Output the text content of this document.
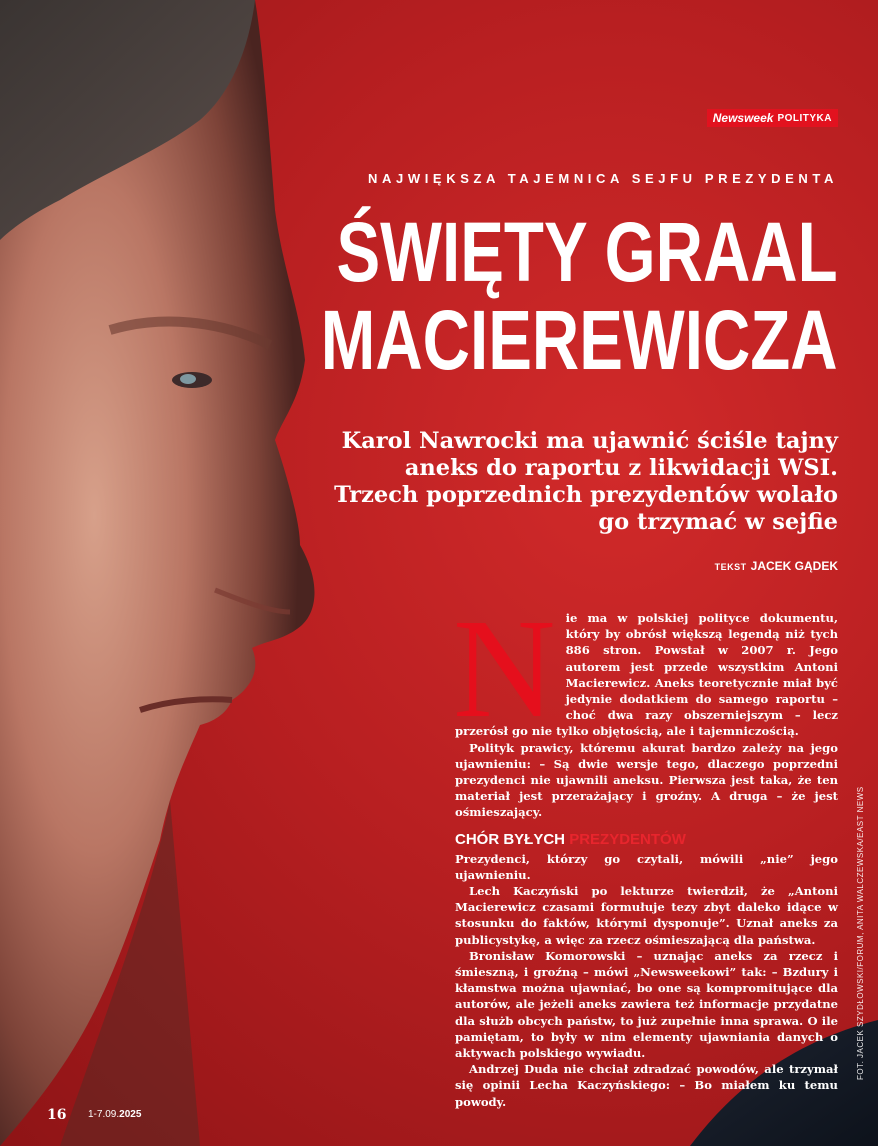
Newsweek POLITYKA
NAJWIĘKSZA TAJEMNICA SEJFU PREZYDENTA
ŚWIĘTY GRAAL
MACIEREWICZA
Karol Nawrocki ma ujawnić ściśle tajny aneks do raportu z likwidacji WSI. Trzech poprzednich prezydentów wolało go trzymać w sejfie
TEKST JACEK GĄDEK

Nie ma w polskiej polityce dokumentu, który by obrósł większą legendą niż tych 886 stron. Powstał w 2007 r. Jego autorem jest przede wszystkim Antoni Macierewicz. Aneks teoretycznie miał być jedynie dodatkiem do samego raportu – choć dwa razy obszerniejszym – lecz przerósł go nie tylko objętością, ale i tajemniczością.

Polityk prawicy, któremu akurat bardzo zależy na jego ujawnieniu: – Są dwie wersje tego, dlaczego poprzedni prezydenci nie ujawnili aneksu. Pierwsza jest taka, że ten materiał jest przerażający i groźny. A druga – że jest ośmieszający.

CHÓR BYŁYCH PREZYDENTÓW

Prezydenci, którzy go czytali, mówili „nie” jego ujawnieniu.

Lech Kaczyński po lekturze twierdził, że „Antoni Macierewicz czasami formułuje tezy zbyt daleko idące w stosunku do faktów, którymi dysponuje”. Uznał aneks za publicystykę, a więc za rzecz ośmieszającą dla państwa.

Bronisław Komorowski – uznając aneks za rzecz i śmieszną, i groźną – mówi „Newsweekowi” tak: – Bzdury i kłamstwa można ujawniać, bo one są kompromitujące dla autorów, ale jeżeli aneks zawiera też informacje przydatne dla służb obcych państw, to już zupełnie inna sprawa. O ile pamiętam, to były w nim elementy ujawniania danych o aktywach polskiego wywiadu.

Andrzej Duda nie chciał zdradzać powodów, ale trzymał się opinii Lecha Kaczyńskiego: – Bo miałem ku temu powody.

FOT. JACEK SZYDŁOWSKI/FORUM, ANITA WALCZEWSKA/EAST NEWS
16 1-7.09.2025
